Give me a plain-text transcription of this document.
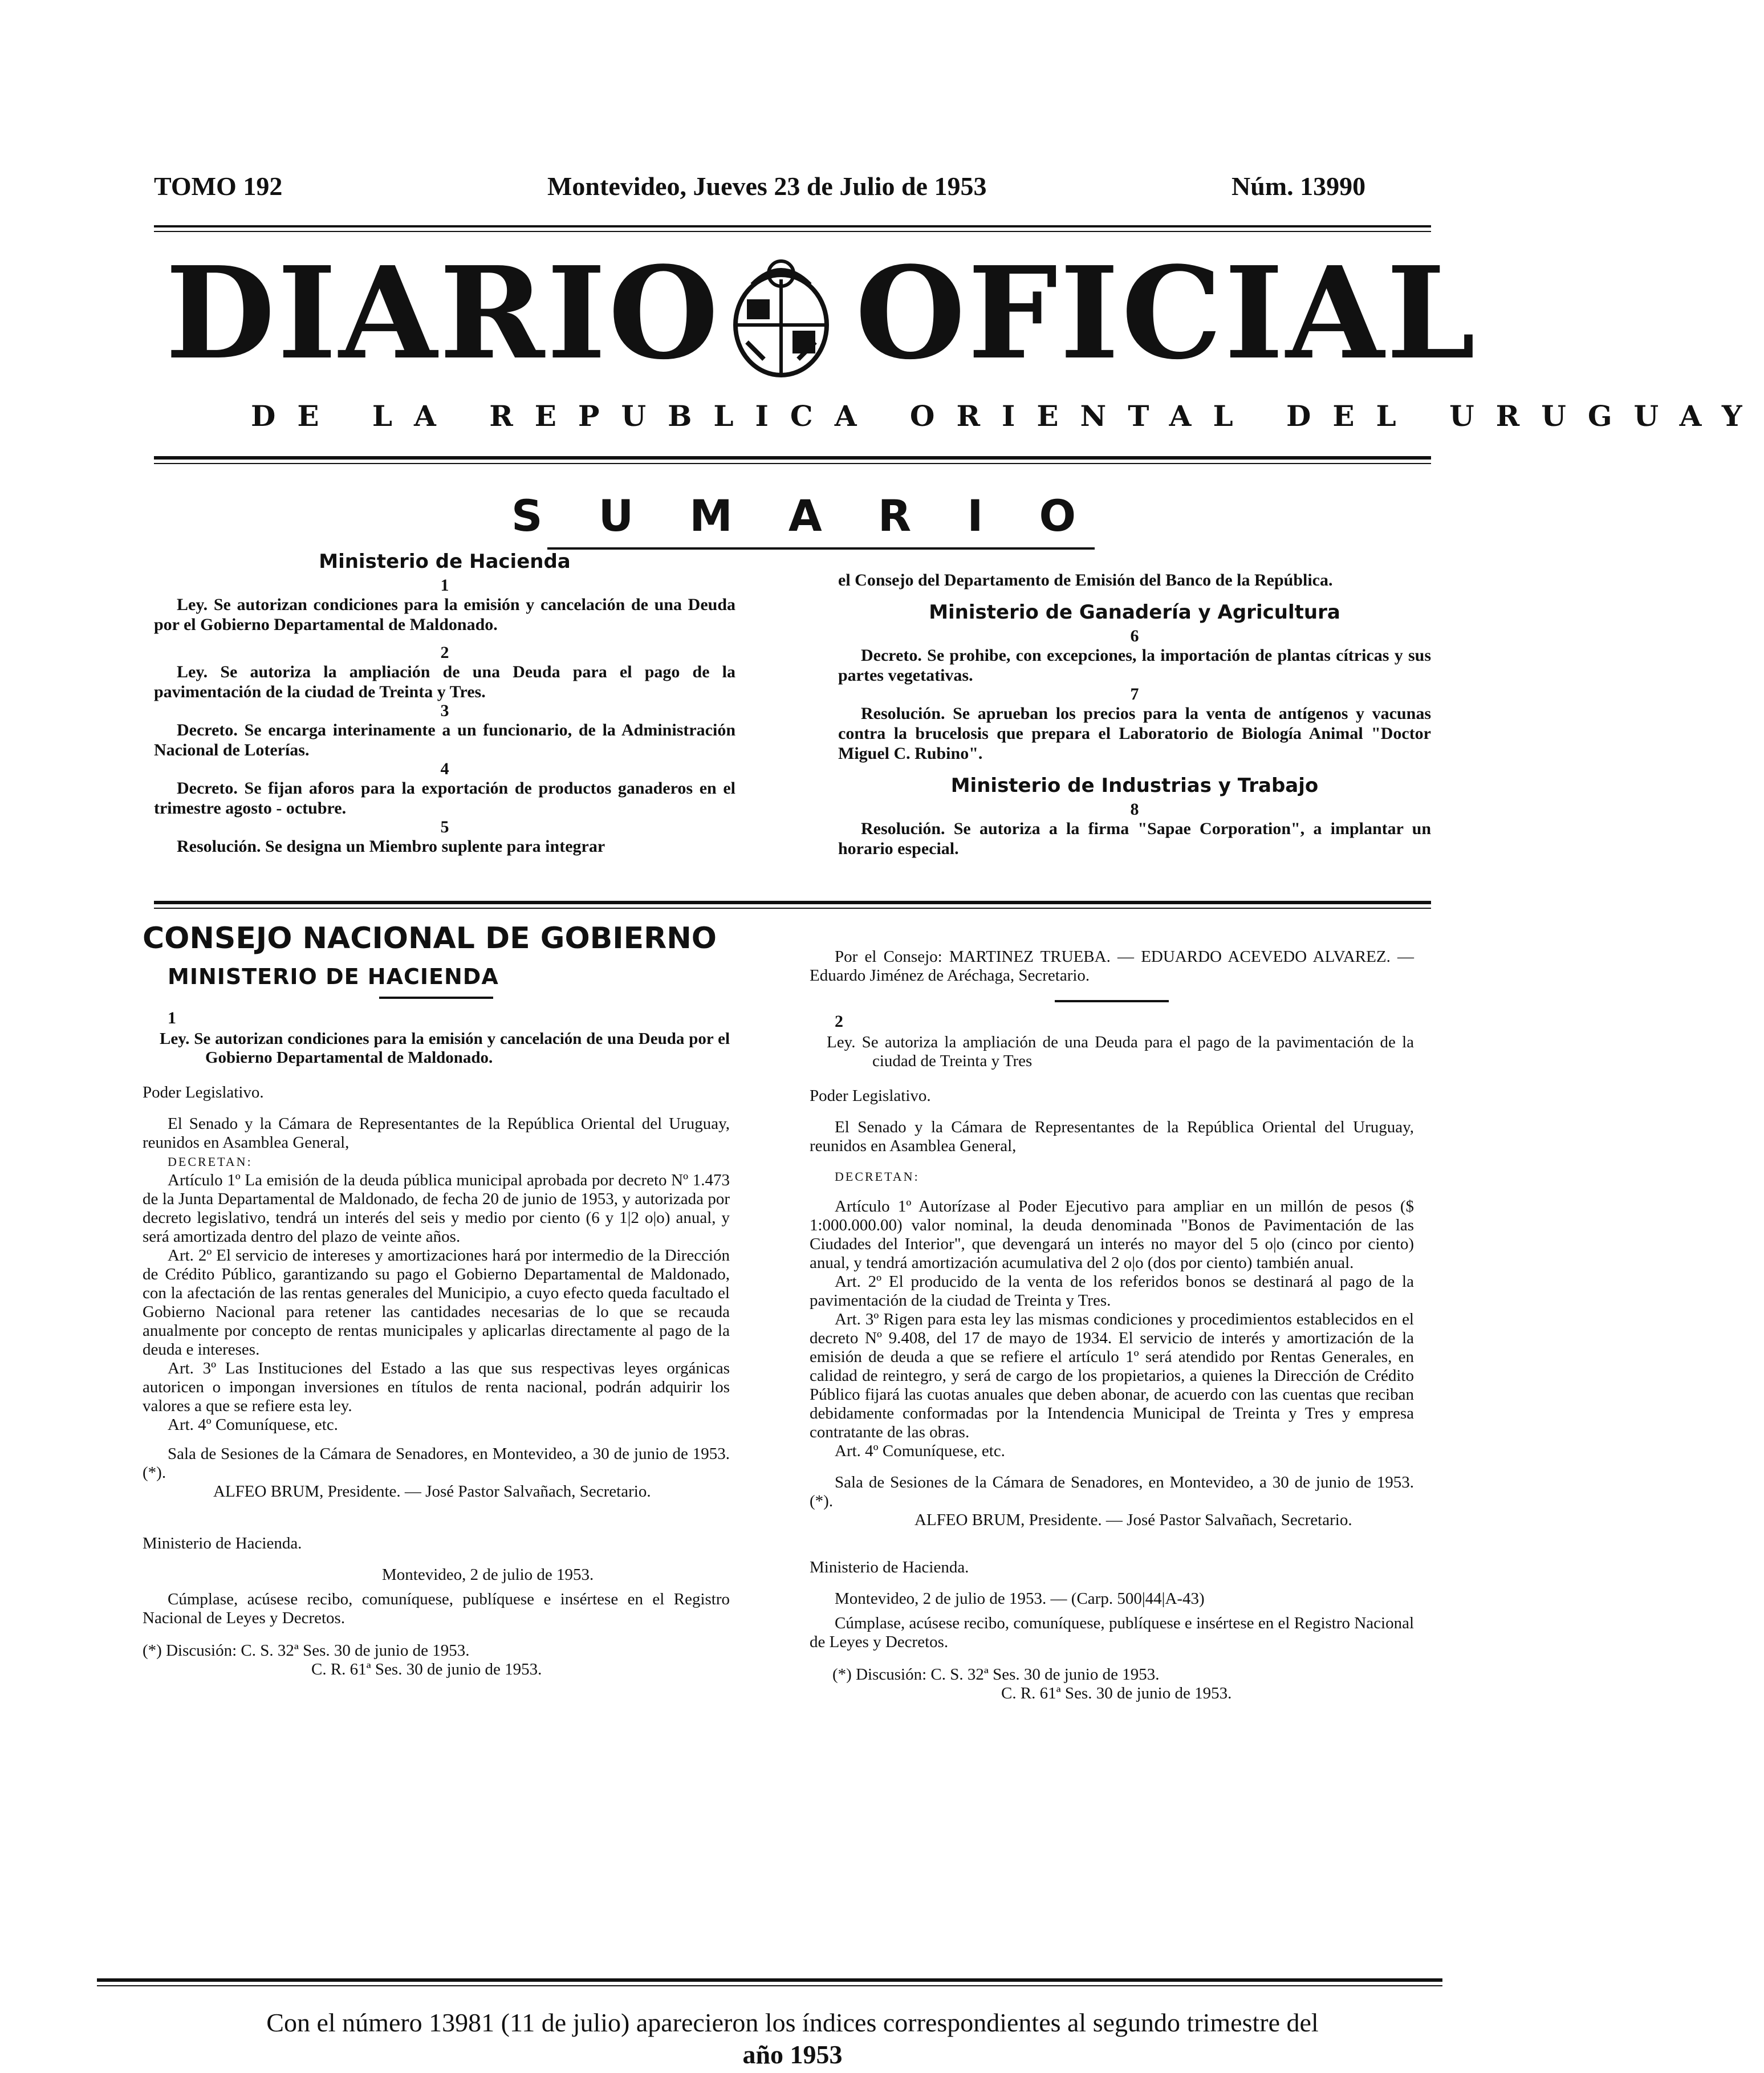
TOMO 192	Montevideo, Jueves 23 de Julio de 1953	Núm. 13990
DIARIO OFICIAL
DE LA REPUBLICA ORIENTAL DEL URUGUAY
SUMARIO

Ministerio de Hacienda

1

Ley. Se autorizan condiciones para la emisión y cancelación de una Deuda por el Gobierno Departamental de Maldonado.

2

Ley. Se autoriza la ampliación de una Deuda para el pago de la pavimentación de la ciudad de Treinta y Tres.

3

Decreto. Se encarga interinamente a un funcionario, de la Administración Nacional de Loterías.

4

Decreto. Se fijan aforos para la exportación de productos ganaderos en el trimestre agosto - octubre.

5

Resolución. Se designa un Miembro suplente para integrar

el Consejo del Departamento de Emisión del Banco de la República.

Ministerio de Ganadería y Agricultura

6

Decreto. Se prohibe, con excepciones, la importación de plantas cítricas y sus partes vegetativas.

7

Resolución. Se aprueban los precios para la venta de antígenos y vacunas contra la brucelosis que prepara el Laboratorio de Biología Animal "Doctor Miguel C. Rubino".

Ministerio de Industrias y Trabajo

8

Resolución. Se autoriza a la firma "Sapae Corporation", a implantar un horario especial.

CONSEJO NACIONAL DE GOBIERNO

MINISTERIO DE HACIENDA

1

Ley. Se autorizan condiciones para la emisión y cancelación de una Deuda por el Gobierno Departamental de Maldonado.

Poder Legislativo.

El Senado y la Cámara de Representantes de la República Oriental del Uruguay, reunidos en Asamblea General,

DECRETAN:

Artículo 1º La emisión de la deuda pública municipal aprobada por decreto Nº 1.473 de la Junta Departamental de Maldonado, de fecha 20 de junio de 1953, y autorizada por decreto legislativo, tendrá un interés del seis y medio por ciento (6 y 1|2 o|o) anual, y será amortizada dentro del plazo de veinte años.

Art. 2º El servicio de intereses y amortizaciones hará por intermedio de la Dirección de Crédito Público, garantizando su pago el Gobierno Departamental de Maldonado, con la afectación de las rentas generales del Municipio, a cuyo efecto queda facultado el Gobierno Nacional para retener las cantidades necesarias de lo que se recauda anualmente por concepto de rentas municipales y aplicarlas directamente al pago de la deuda e intereses.

Art. 3º Las Instituciones del Estado a las que sus respectivas leyes orgánicas autoricen o impongan inversiones en títulos de renta nacional, podrán adquirir los valores a que se refiere esta ley.

Art. 4º Comuníquese, etc.

Sala de Sesiones de la Cámara de Senadores, en Montevideo, a 30 de junio de 1953. (*).

ALFEO BRUM, Presidente. — José Pastor Salvañach, Secretario.

Ministerio de Hacienda.

Montevideo, 2 de julio de 1953.

Cúmplase, acúsese recibo, comuníquese, publíquese e insértese en el Registro Nacional de Leyes y Decretos.

(*) Discusión: C. S. 32ª Ses. 30 de junio de 1953.

C. R. 61ª Ses. 30 de junio de 1953.

Por el Consejo: MARTINEZ TRUEBA. — EDUARDO ACEVEDO ALVAREZ. — Eduardo Jiménez de Aréchaga, Secretario.

2

Ley. Se autoriza la ampliación de una Deuda para el pago de la pavimentación de la ciudad de Treinta y Tres

Poder Legislativo.

El Senado y la Cámara de Representantes de la República Oriental del Uruguay, reunidos en Asamblea General,

DECRETAN:

Artículo 1º Autorízase al Poder Ejecutivo para ampliar en un millón de pesos ($ 1:000.000.00) valor nominal, la deuda denominada "Bonos de Pavimentación de las Ciudades del Interior", que devengará un interés no mayor del 5 o|o (cinco por ciento) anual, y tendrá amortización acumulativa del 2 o|o (dos por ciento) también anual.

Art. 2º El producido de la venta de los referidos bonos se destinará al pago de la pavimentación de la ciudad de Treinta y Tres.

Art. 3º Rigen para esta ley las mismas condiciones y procedimientos establecidos en el decreto Nº 9.408, del 17 de mayo de 1934. El servicio de interés y amortización de la emisión de deuda a que se refiere el artículo 1º será atendido por Rentas Generales, en calidad de reintegro, y será de cargo de los propietarios, a quienes la Dirección de Crédito Público fijará las cuotas anuales que deben abonar, de acuerdo con las cuentas que reciban debidamente conformadas por la Intendencia Municipal de Treinta y Tres y empresa contratante de las obras.

Art. 4º Comuníquese, etc.

Sala de Sesiones de la Cámara de Senadores, en Montevideo, a 30 de junio de 1953. (*).

ALFEO BRUM, Presidente. — José Pastor Salvañach, Secretario.

Ministerio de Hacienda.

Montevideo, 2 de julio de 1953. — (Carp. 500|44|A-43)

Cúmplase, acúsese recibo, comuníquese, publíquese e insértese en el Registro Nacional de Leyes y Decretos.

(*) Discusión: C. S. 32ª Ses. 30 de junio de 1953.

C. R. 61ª Ses. 30 de junio de 1953.

Con el número 13981 (11 de julio) aparecieron los índices correspondientes al segundo trimestre del
año 1953
